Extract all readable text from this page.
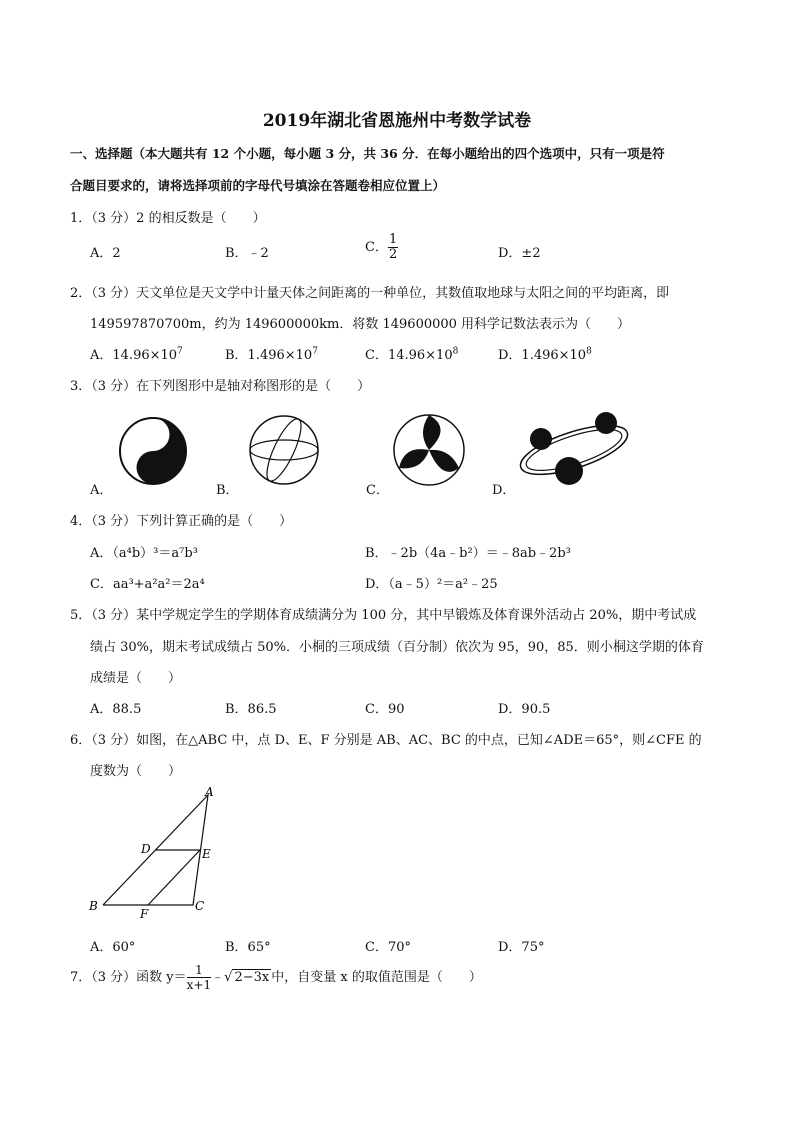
2019年湖北省恩施州中考数学试卷
一、选择题（本大题共有 12 个小题，每小题 3 分，共 36 分．在每小题给出的四个选项中，只有一项是符
合题目要求的，请将选择项前的字母代号填涂在答题卷相应位置上）
1．（3 分）2 的相反数是（　　）
A．2	B．﹣2	C． $\frac{1}{2}$	D．±2
2．（3 分）天文单位是天文学中计量天体之间距离的一种单位，其数值取地球与太阳之间的平均距离，即
149597870700m，约为 149600000km．将数 149600000 用科学记数法表示为（　　）
A．$14.96\times 10^7$	B．$1.496\times 10^7$	C．$14.96\times 10^8$	D．$1.496\times 10^8$
3．（3 分）在下列图形中是轴对称图形的是（　　）
A．	B．	C．	D．
4．（3 分）下列计算正确的是（　　）
A．（a⁴b）³＝a⁷b³	B．﹣2b（4a﹣b²）＝﹣8ab﹣2b³
C．aa³+a²a²＝2a⁴	D．（a﹣5）²＝a²﹣25
5．（3 分）某中学规定学生的学期体育成绩满分为 100 分，其中早锻炼及体育课外活动占 20%，期中考试成
绩占 30%，期末考试成绩占 50%．小桐的三项成绩（百分制）依次为 95，90，85．则小桐这学期的体育
成绩是（　　）
A．88.5	B．86.5	C．90	D．90.5
6．（3 分）如图，在△ABC 中，点 D、E、F 分别是 AB、AC、BC 的中点，已知∠ADE＝65°，则∠CFE 的
度数为（　　）
A
B	C
D	E
F
A．60°	B．65°	C．70°	D．75°
7．（3 分）函数 $y= \frac{1}{x+1}$ ﹣√ 2−3x 中，自变量 x 的取值范围是（　　）
